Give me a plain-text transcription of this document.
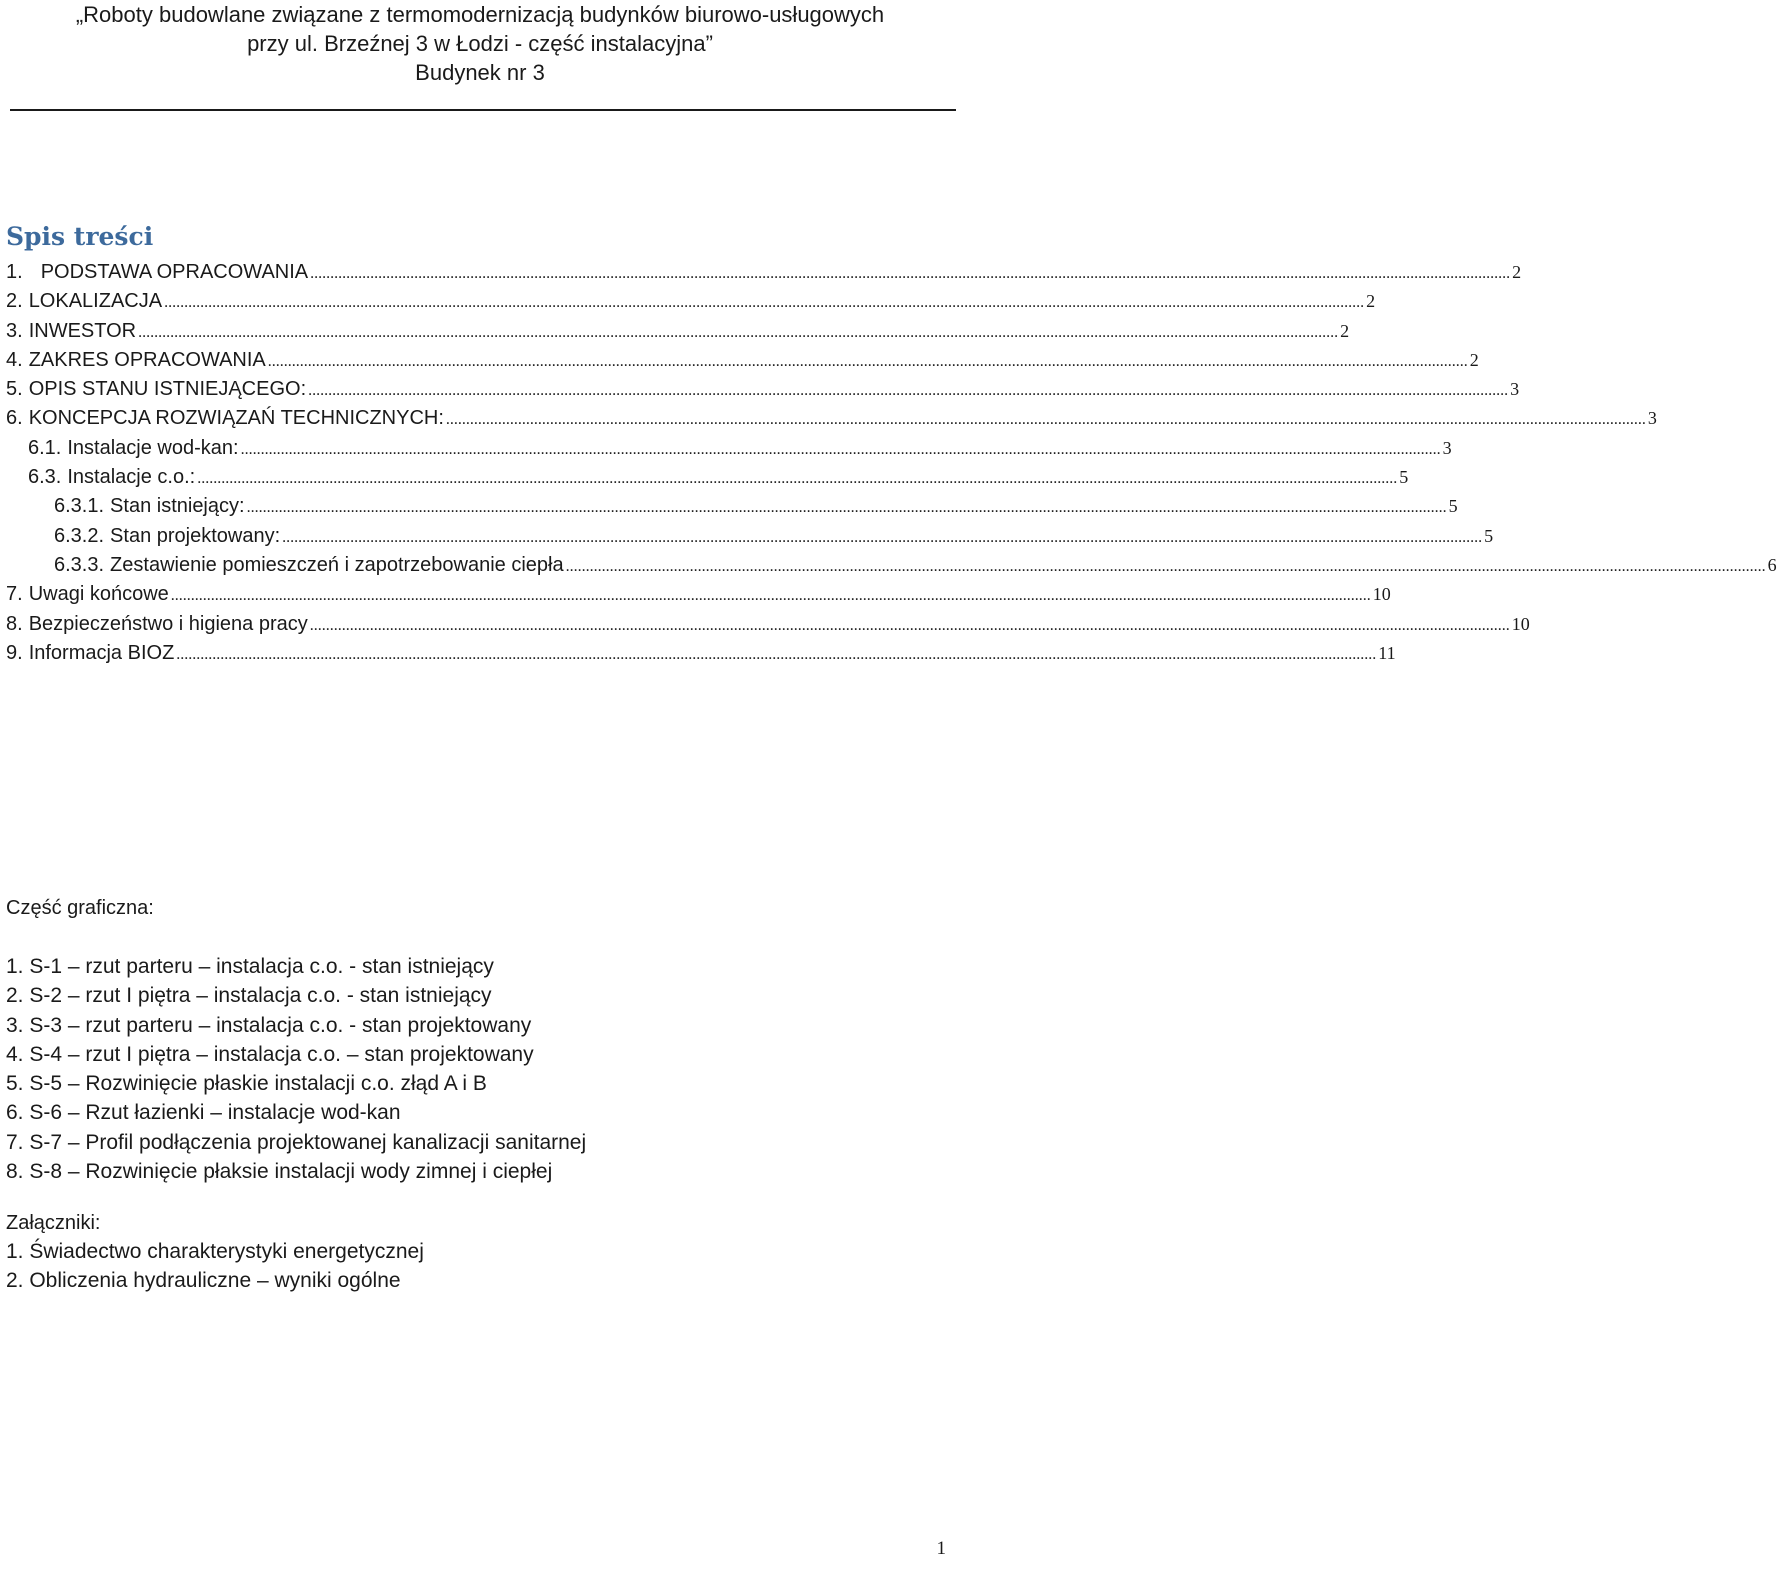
„Roboty budowlane związane z termomodernizacją budynków biurowo-usługowych
przy ul. Brzeźnej 3 w Łodzi - część instalacyjna”
Budynek nr 3
Spis treści
1. PODSTAWA OPRACOWANIA ............................................................................................................................................................................................................................................................................................................ 2
2. LOKALIZACJA ............................................................................................................................................................................................................................................................................................................ 2
3. INWESTOR ............................................................................................................................................................................................................................................................................................................ 2
4. ZAKRES OPRACOWANIA ............................................................................................................................................................................................................................................................................................................ 2
5. OPIS STANU ISTNIEJĄCEGO: ............................................................................................................................................................................................................................................................................................................ 3
6. KONCEPCJA ROZWIĄZAŃ TECHNICZNYCH: ............................................................................................................................................................................................................................................................................................................ 3
6.1. Instalacje wod-kan: ............................................................................................................................................................................................................................................................................................................ 3
6.3. Instalacje c.o.: ............................................................................................................................................................................................................................................................................................................ 5
6.3.1. Stan istniejący: ............................................................................................................................................................................................................................................................................................................ 5
6.3.2. Stan projektowany: ............................................................................................................................................................................................................................................................................................................ 5
6.3.3. Zestawienie pomieszczeń i zapotrzebowanie ciepła ............................................................................................................................................................................................................................................................................................................ 6
7. Uwagi końcowe ............................................................................................................................................................................................................................................................................................................ 10
8. Bezpieczeństwo i higiena pracy ............................................................................................................................................................................................................................................................................................................ 10
9. Informacja BIOZ ............................................................................................................................................................................................................................................................................................................ 11
Część graficzna:
1. S-1 – rzut parteru – instalacja c.o. - stan istniejący
2. S-2 – rzut I piętra – instalacja c.o. - stan istniejący
3. S-3 – rzut parteru – instalacja c.o. - stan projektowany
4. S-4 – rzut I piętra – instalacja c.o. – stan projektowany
5. S-5 – Rozwinięcie płaskie instalacji c.o. złąd A i B
6. S-6 – Rzut łazienki – instalacje wod-kan
7. S-7 – Profil podłączenia projektowanej kanalizacji sanitarnej
8. S-8 – Rozwinięcie płaksie instalacji wody zimnej i ciepłej
Załączniki:
1. Świadectwo charakterystyki energetycznej
2. Obliczenia hydrauliczne – wyniki ogólne
1
